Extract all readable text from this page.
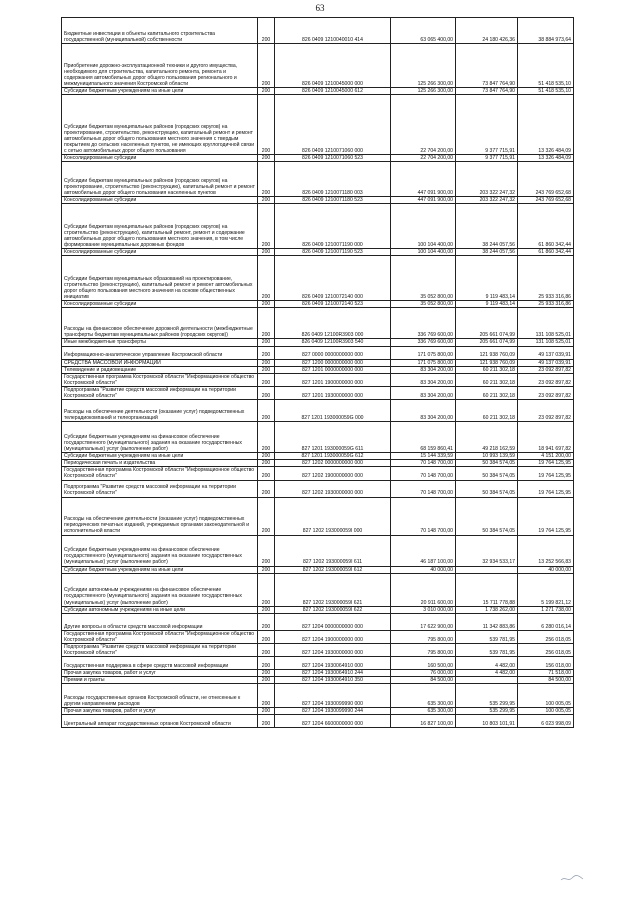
63
Бюджетные инвестиции в объекты капитального строительства государственной (муниципальной) собственности	200	826 0409 1210040010 414	63 065 400,00	24 180 426,36	38 884 973,64
Приобретение дорожно-эксплуатационной техники и другого имущества, необходимого для строительства, капитального ремонта, ремонта и содержания автомобильных дорог общего пользования регионального и межмуниципального значения Костромской области	200	826 0409 1210045000 000	125 266 300,00	73 847 764,90	51 418 535,10
Субсидии бюджетным учреждениям на иные цели	200	826 0409 1210045000 612	125 266 300,00	73 847 764,90	51 418 535,10
Субсидии бюджетам муниципальных районов (городских округов) на проектирование, строительство, реконструкцию, капитальный ремонт и ремонт автомобильных дорог общего пользования местного значения с твердым покрытием до сельских населенных пунктов, не имеющих круглогодичной связи с сетью автомобильных дорог общего пользования	200	826 0409 1210071060 000	22 704 200,00	9 377 715,91	13 326 484,09
Консолидированные субсидии	200	826 0409 1210071060 523	22 704 200,00	9 377 715,91	13 326 484,09
Субсидии бюджетам муниципальных районов (городских округов) на проектирование, строительство (реконструкцию), капитальный ремонт и ремонт автомобильных дорог общего пользования населенных пунктов	200	826 0409 1210071180 003	447 091 900,00	203 322 247,32	243 769 652,68
Консолидированные субсидии	200	826 0409 1210071180 523	447 091 900,00	203 322 247,32	243 769 652,68
Субсидии бюджетам муниципальных районов (городских округов) на строительство (реконструкцию), капитальный ремонт, ремонт и содержание автомобильных дорог общего пользования местного значения, в том числе формирование муниципальных дорожных фондов	200	826 0409 1210071190 000	100 104 400,00	38 244 057,56	61 860 342,44
Консолидированные субсидии	200	826 0409 1210071190 523	100 104 400,00	38 244 057,56	61 860 342,44
Субсидии бюджетам муниципальных образований на проектирование, строительство (реконструкцию), капитальный ремонт и ремонт автомобильных дорог общего пользования местного значения на основе общественных инициатив	200	826 0409 1210072140 000	35 052 800,00	9 119 483,14	25 933 316,86
Консолидированные субсидии	200	826 0409 1210072140 523	35 052 800,00	9 119 483,14	25 933 316,86
Расходы на финансовое обеспечение дорожной деятельности (межбюджетные трансферты бюджетам муниципальных районов (городских округов))	200	826 0409 12100R3903 000	336 769 600,00	205 661 074,99	131 108 525,01
Иные межбюджетные трансферты	200	826 0409 12100R3903 540	336 769 600,00	205 661 074,99	131 108 525,01
Информационно-аналитическое управление Костромской области	200	827 0000 0000000000 000	171 075 800,00	121 938 760,09	49 137 039,91
СРЕДСТВА МАССОВОЙ ИНФОРМАЦИИ	200	827 1200 0000000000 000	171 075 800,00	121 938 760,09	49 137 039,91
Телевидение и радиовещание	200	827 1201 0000000000 000	83 304 200,00	60 211 302,18	23 092 897,82
Государственная программа Костромской области "Информационное общество Костромской области"	200	827 1201 1900000000 000	83 304 200,00	60 211 302,18	23 092 897,82
Подпрограмма "Развитие средств массовой информации на территории Костромской области"	200	827 1201 1930000000 000	83 304 200,00	60 211 302,18	23 092 897,82
Расходы на обеспечение деятельности (оказание услуг) подведомственных телерадиокомпаний и телеорганизаций	200	827 1201 193000059G 000	83 304 200,00	60 211 302,18	23 092 897,82
Субсидии бюджетным учреждениям на финансовое обеспечение государственного (муниципального) задания на оказание государственных (муниципальных) услуг (выполнение работ)	200	827 1201 193000059G 611	68 159 860,41	49 218 162,59	18 941 697,82
Субсидии бюджетным учреждениям на иные цели	200	827 1201 193000059G 612	15 144 339,59	10 993 139,59	4 151 200,00
Периодическая печать и издательства	200	827 1202 0000000000 000	70 148 700,00	50 384 574,05	19 764 125,95
Государственная программа Костромской области "Информационное общество Костромской области"	200	827 1202 1900000000 000	70 148 700,00	50 384 574,05	19 764 125,95
Подпрограмма "Развитие средств массовой информации на территории Костромской области"	200	827 1202 1930000000 000	70 148 700,00	50 384 574,05	19 764 125,95
Расходы на обеспечение деятельности (оказание услуг) подведомственных периодических печатных изданий, учреждаемых органами законодательной и исполнительной власти	200	827 1202 193000059I 000	70 148 700,00	50 384 574,05	19 764 125,95
Субсидии бюджетным учреждениям на финансовое обеспечение государственного (муниципального) задания на оказание государственных (муниципальных) услуг (выполнение работ)	200	827 1202 193000059I 611	46 187 100,00	32 934 533,17	13 252 566,83
Субсидии бюджетным учреждениям на иные цели	200	827 1202 193000059I 612	40 000,00		40 000,00
Субсидии автономным учреждениям на финансовое обеспечение государственного (муниципального) задания на оказание государственных (муниципальных) услуг (выполнение работ)	200	827 1202 193000059I 621	20 911 600,00	15 711 778,88	5 199 821,12
Субсидии автономным учреждениям на иные цели	200	827 1202 193000059I 622	3 010 000,00	1 738 262,00	1 271 738,00
Другие вопросы в области средств массовой информации	200	827 1204 0000000000 000	17 622 900,00	11 342 883,86	6 280 016,14
Государственная программа Костромской области "Информационное общество Костромской области"	200	827 1204 1900000000 000	795 800,00	539 781,95	256 018,05
Подпрограмма "Развитие средств массовой информации на территории Костромской области"	200	827 1204 1930000000 000	795 800,00	539 781,95	256 018,05
Государственная поддержка в сфере средств массовой информации	200	827 1204 1930064910 000	160 500,00	4 482,00	156 018,00
Прочая закупка товаров, работ и услуг	200	827 1204 1930064910 244	76 000,00	4 482,00	71 518,00
Премии и гранты	200	827 1204 1930064910 350	84 500,00		84 500,00
Расходы государственных органов Костромской области, не отнесенные к другим направлениям расходов	200	827 1204 1930099990 000	635 300,00	535 299,95	100 005,05
Прочая закупка товаров, работ и услуг	200	827 1204 1930099990 244	635 300,00	535 299,95	100 005,05
Центральный аппарат государственных органов Костромской области	200	827 1204 6600000000 000	16 827 100,00	10 803 101,91	6 023 998,09
